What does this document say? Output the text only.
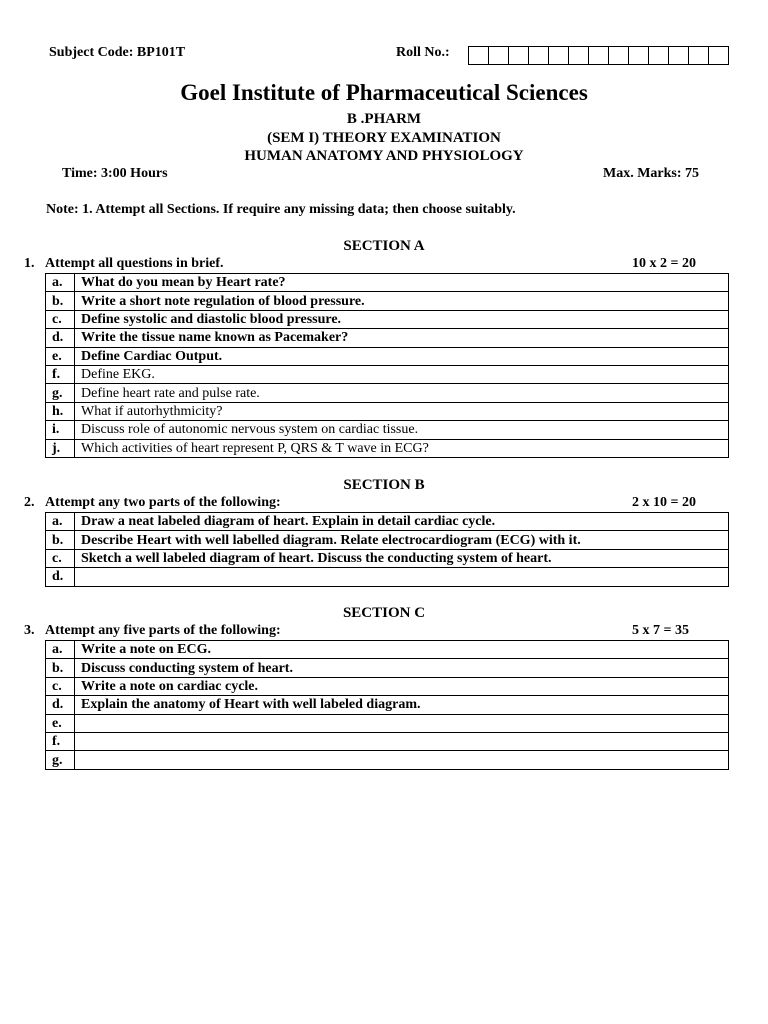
Subject Code: BP101T	Roll No.:
Goel Institute of Pharmaceutical Sciences
B .PHARM
(SEM I) THEORY EXAMINATION
HUMAN ANATOMY AND PHYSIOLOGY
Time: 3:00 Hours	Max. Marks: 75
Note: 1. Attempt all Sections. If require any missing data; then choose suitably.
SECTION A
1. Attempt all questions in brief.	10 x 2 = 20
a.	What do you mean by Heart rate?
b.	Write a short note regulation of blood pressure.
c.	Define systolic and diastolic blood pressure.
d.	Write the tissue name known as Pacemaker?
e.	Define Cardiac Output.
f.	Define EKG.
g.	Define heart rate and pulse rate.
h.	What if autorhythmicity?
i.	Discuss role of autonomic nervous system on cardiac tissue.
j.	Which activities of heart represent P, QRS & T wave in ECG?
SECTION B
2. Attempt any two parts of the following:	2 x 10 = 20
a.	Draw a neat labeled diagram of heart. Explain in detail cardiac cycle.
b.	Describe Heart with well labelled diagram. Relate electrocardiogram (ECG) with it.
c.	Sketch a well labeled diagram of heart. Discuss the conducting system of heart.
d.	
SECTION C
3. Attempt any five parts of the following:	5 x 7 = 35
a.	Write a note on ECG.
b.	Discuss conducting system of heart.
c.	Write a note on cardiac cycle.
d.	Explain the anatomy of Heart with well labeled diagram.
e.	
f.	
g.	
